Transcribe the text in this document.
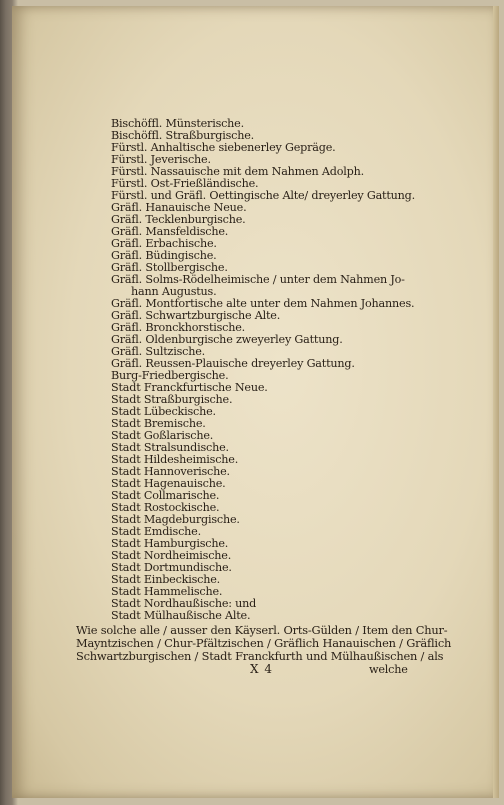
Bischöffl. Münsterische.
Bischöffl. Straßburgische.
Fürstl. Anhaltische siebenerley Gepräge.
Fürstl. Jeverische.
Fürstl. Nassauische mit dem Nahmen Adolph.
Fürstl. Ost-Frießländische.
Fürstl. und Gräfl. Oettingische Alte/ dreyerley Gattung.
Gräfl. Hanauische Neue.
Gräfl. Tecklenburgische.
Gräfl. Mansfeldische.
Gräfl. Erbachische.
Gräfl. Büdingische.
Gräfl. Stollbergische.
Gräfl. Solms-Rödelheimische / unter dem Nahmen Jo-
hann Augustus.
Gräfl. Montfortische alte unter dem Nahmen Johannes.
Gräfl. Schwartzburgische Alte.
Gräfl. Bronckhorstische.
Gräfl. Oldenburgische zweyerley Gattung.
Gräfl. Sultzische.
Gräfl. Reussen-Plauische dreyerley Gattung.
Burg-Friedbergische.
Stadt Franckfurtische Neue.
Stadt Straßburgische.
Stadt Lübeckische.
Stadt Bremische.
Stadt Goßlarische.
Stadt Stralsundische.
Stadt Hildesheimische.
Stadt Hannoverische.
Stadt Hagenauische.
Stadt Collmarische.
Stadt Rostockische.
Stadt Magdeburgische.
Stadt Emdische.
Stadt Hamburgische.
Stadt Nordheimische.
Stadt Dortmundische.
Stadt Einbeckische.
Stadt Hammelische.
Stadt Nordhaußische: und
Stadt Mülhaußische Alte.
Wie solche alle / ausser den Käyserl. Orts-Gülden / Item den Chur-
Mayntzischen / Chur-Pfältzischen / Gräflich Hanauischen / Gräflich
Schwartzburgischen / Stadt Franckfurth und Mülhaußischen / als
X 4	welche
